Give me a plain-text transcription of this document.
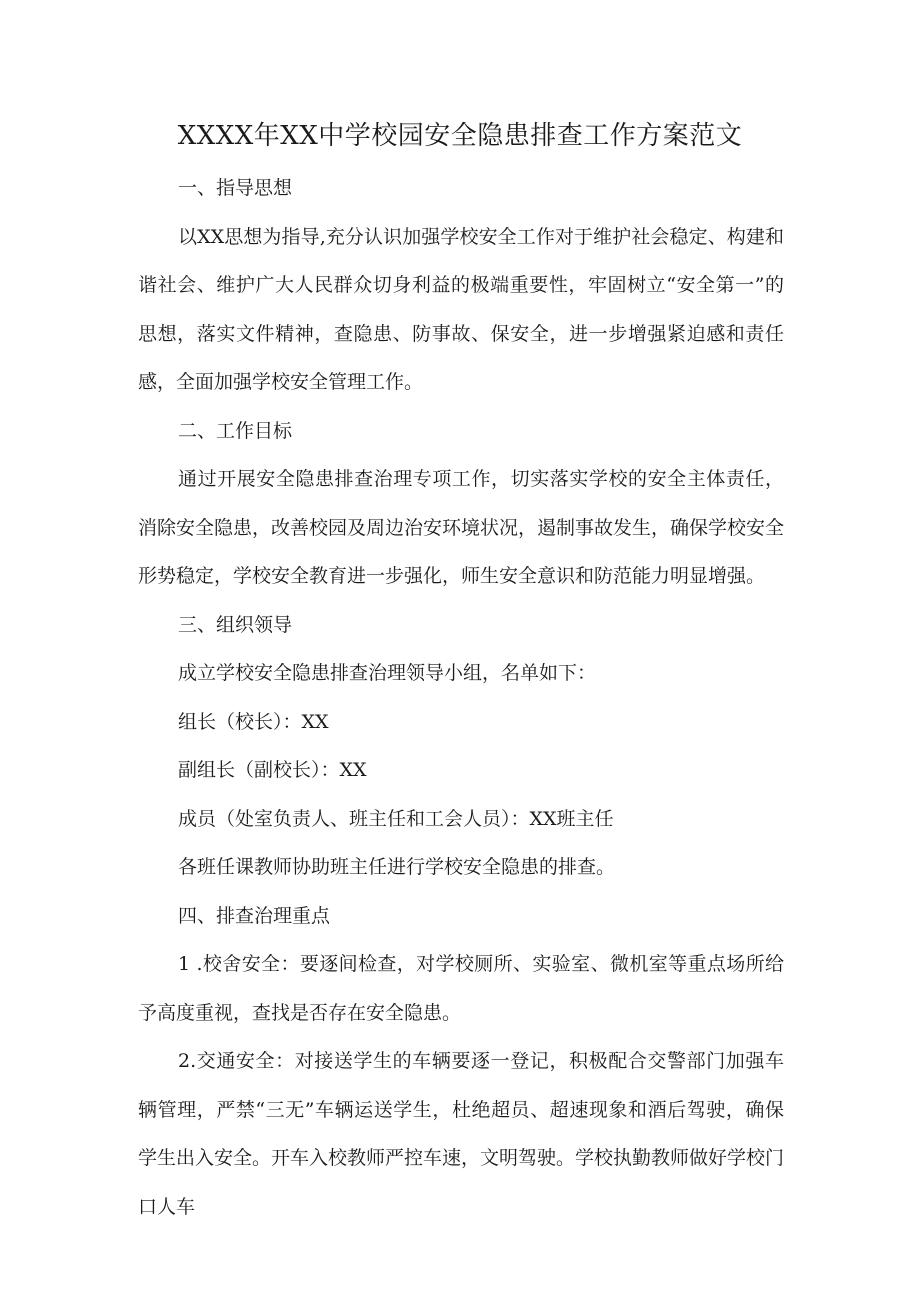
XXXX年XX中学校园安全隐患排查工作方案范文

一、指导思想

以XX思想为指导,充分认识加强学校安全工作对于维护社会稳定、构建和谐社会、维护广大人民群众切身利益的极端重要性，牢固树立“安全第一”的思想，落实文件精神，查隐患、防事故、保安全，进一步增强紧迫感和责任感，全面加强学校安全管理工作。

二、工作目标

通过开展安全隐患排查治理专项工作，切实落实学校的安全主体责任，消除安全隐患，改善校园及周边治安环境状况，遏制事故发生，确保学校安全形势稳定，学校安全教育进一步强化，师生安全意识和防范能力明显增强。

三、组织领导

成立学校安全隐患排查治理领导小组，名单如下：

组长（校长）：XX

副组长（副校长）：XX

成员（处室负责人、班主任和工会人员）：XX班主任

各班任课教师协助班主任进行学校安全隐患的排查。

四、排查治理重点

1 .校舍安全：要逐间检查，对学校厕所、实验室、微机室等重点场所给予高度重视，查找是否存在安全隐患。

2.交通安全：对接送学生的车辆要逐一登记，积极配合交警部门加强车辆管理，严禁“三无”车辆运送学生，杜绝超员、超速现象和酒后驾驶，确保学生出入安全。开车入校教师严控车速，文明驾驶。学校执勤教师做好学校门口人车
